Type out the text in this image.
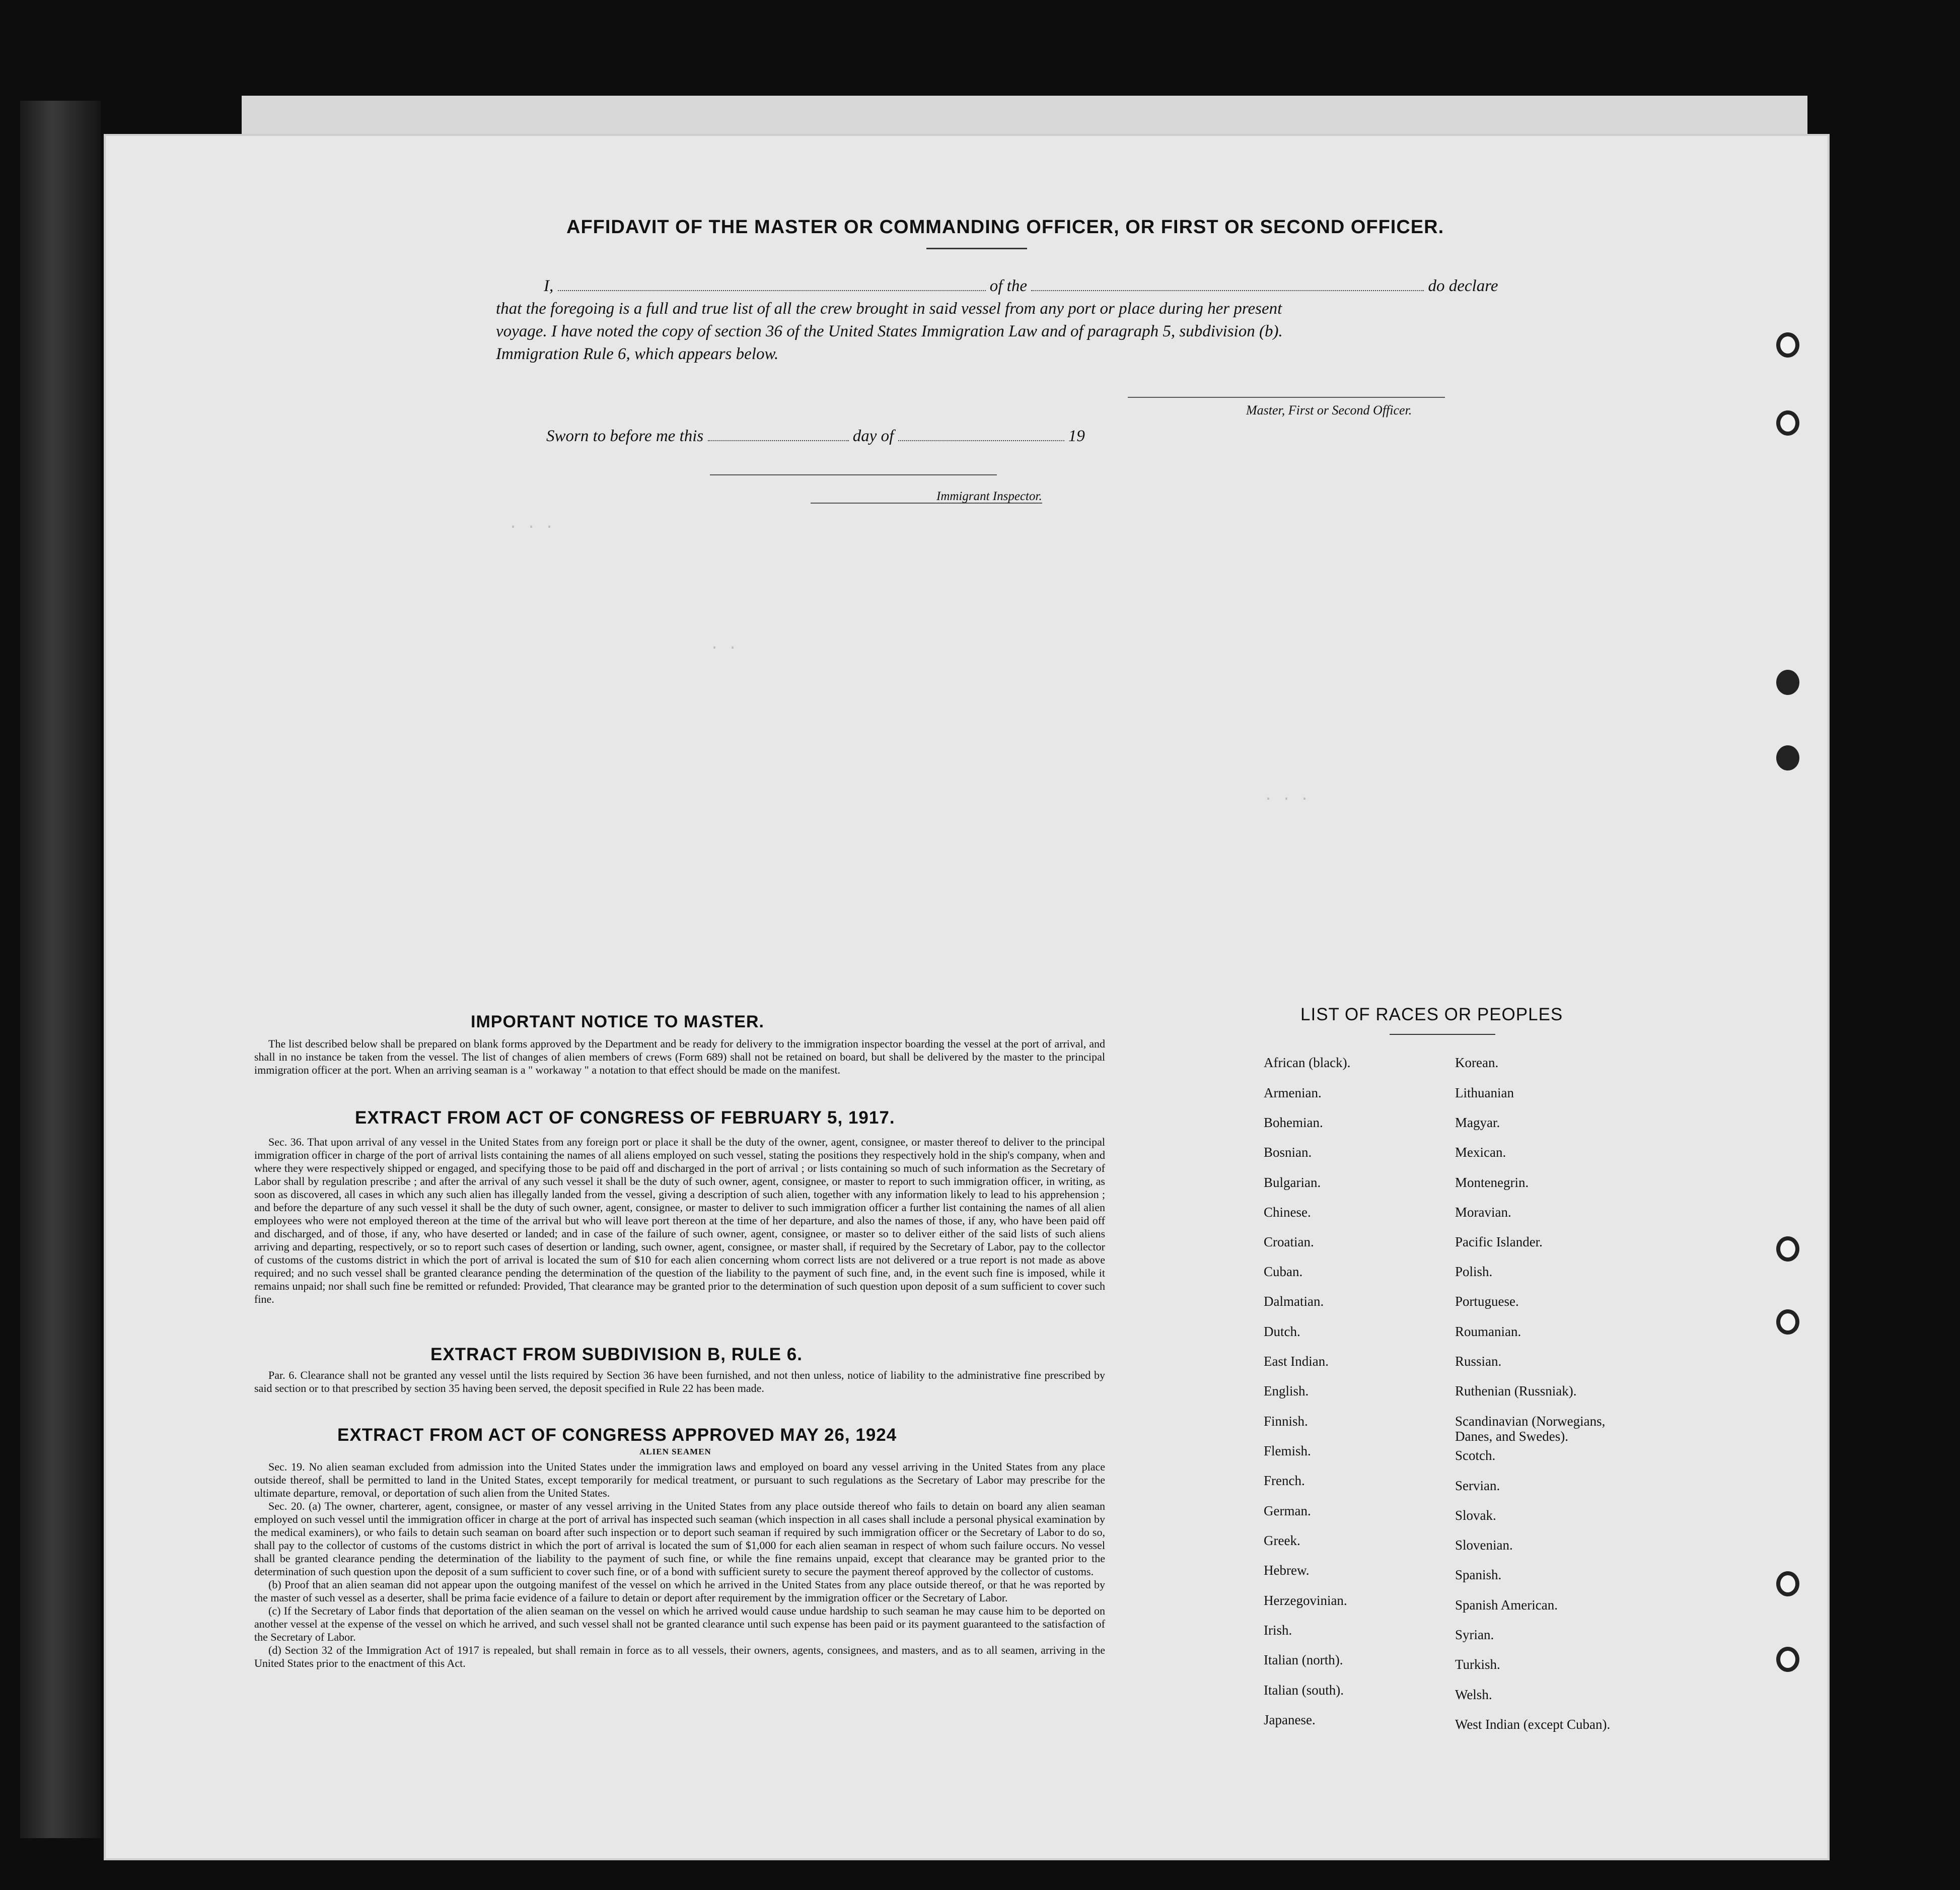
· · ·
· ·
· · ·
AFFIDAVIT OF THE MASTER OR COMMANDING OFFICER, OR FIRST OR SECOND OFFICER.
I,	of the	do declare
that the foregoing is a full and true list of all the crew brought in said vessel from any port or place during her present
voyage. I have noted the copy of section 36 of the United States Immigration Law and of paragraph 5, subdivision (b).
Immigration Rule 6, which appears below.
Master, First or Second Officer.
Sworn to before me this	day of	19
Immigrant Inspector.
IMPORTANT NOTICE TO MASTER.

The list described below shall be prepared on blank forms approved by the Department and be ready for delivery to the immigration inspector boarding the vessel at the port of arrival, and shall in no instance be taken from the vessel. The list of changes of alien members of crews (Form 689) shall not be retained on board, but shall be delivered by the master to the principal immigration officer at the port. When an arriving seaman is a " workaway " a notation to that effect should be made on the manifest.

EXTRACT FROM ACT OF CONGRESS OF FEBRUARY 5, 1917.

Sec. 36. That upon arrival of any vessel in the United States from any foreign port or place it shall be the duty of the owner, agent, consignee, or master thereof to deliver to the principal immigration officer in charge of the port of arrival lists containing the names of all aliens employed on such vessel, stating the positions they respectively hold in the ship's company, when and where they were respectively shipped or engaged, and specifying those to be paid off and discharged in the port of arrival ; or lists containing so much of such information as the Secretary of Labor shall by regulation prescribe ; and after the arrival of any such vessel it shall be the duty of such owner, agent, consignee, or master to report to such immigration officer, in writing, as soon as discovered, all cases in which any such alien has illegally landed from the vessel, giving a description of such alien, together with any information likely to lead to his apprehension ; and before the departure of any such vessel it shall be the duty of such owner, agent, consignee, or master to deliver to such immigration officer a further list containing the names of all alien employees who were not employed thereon at the time of the arrival but who will leave port thereon at the time of her departure, and also the names of those, if any, who have been paid off and discharged, and of those, if any, who have deserted or landed; and in case of the failure of such owner, agent, consignee, or master so to deliver either of the said lists of such aliens arriving and departing, respectively, or so to report such cases of desertion or landing, such owner, agent, consignee, or master shall, if required by the Secretary of Labor, pay to the collector of customs of the customs district in which the port of arrival is located the sum of $10 for each alien concerning whom correct lists are not delivered or a true report is not made as above required; and no such vessel shall be granted clearance pending the determination of the question of the liability to the payment of such fine, and, in the event such fine is imposed, while it remains unpaid; nor shall such fine be remitted or refunded: Provided, That clearance may be granted prior to the determination of such question upon deposit of a sum sufficient to cover such fine.

EXTRACT FROM SUBDIVISION B, RULE 6.

Par. 6. Clearance shall not be granted any vessel until the lists required by Section 36 have been furnished, and not then unless, notice of liability to the administrative fine prescribed by said section or to that prescribed by section 35 having been served, the deposit specified in Rule 22 has been made.

EXTRACT FROM ACT OF CONGRESS APPROVED MAY 26, 1924
ALIEN SEAMEN

Sec. 19. No alien seaman excluded from admission into the United States under the immigration laws and employed on board any vessel arriving in the United States from any place outside thereof, shall be permitted to land in the United States, except temporarily for medical treatment, or pursuant to such regulations as the Secretary of Labor may prescribe for the ultimate departure, removal, or deportation of such alien from the United States.

Sec. 20. (a) The owner, charterer, agent, consignee, or master of any vessel arriving in the United States from any place outside thereof who fails to detain on board any alien seaman employed on such vessel until the immigration officer in charge at the port of arrival has inspected such seaman (which inspection in all cases shall include a personal physical examination by the medical examiners), or who fails to detain such seaman on board after such inspection or to deport such seaman if required by such immigration officer or the Secretary of Labor to do so, shall pay to the collector of customs of the customs district in which the port of arrival is located the sum of $1,000 for each alien seaman in respect of whom such failure occurs. No vessel shall be granted clearance pending the determination of the liability to the payment of such fine, or while the fine remains unpaid, except that clearance may be granted prior to the determination of such question upon the deposit of a sum sufficient to cover such fine, or of a bond with sufficient surety to secure the payment thereof approved by the collector of customs.

(b) Proof that an alien seaman did not appear upon the outgoing manifest of the vessel on which he arrived in the United States from any place outside thereof, or that he was reported by the master of such vessel as a deserter, shall be prima facie evidence of a failure to detain or deport after requirement by the immigration officer or the Secretary of Labor.

(c) If the Secretary of Labor finds that deportation of the alien seaman on the vessel on which he arrived would cause undue hardship to such seaman he may cause him to be deported on another vessel at the expense of the vessel on which he arrived, and such vessel shall not be granted clearance until such expense has been paid or its payment guaranteed to the satisfaction of the Secretary of Labor.

(d) Section 32 of the Immigration Act of 1917 is repealed, but shall remain in force as to all vessels, their owners, agents, consignees, and masters, and as to all seamen, arriving in the United States prior to the enactment of this Act.

LIST OF RACES OR PEOPLES
African (black).
Armenian.
Bohemian.
Bosnian.
Bulgarian.
Chinese.
Croatian.
Cuban.
Dalmatian.
Dutch.
East Indian.
English.
Finnish.
Flemish.
French.
German.
Greek.
Hebrew.
Herzegovinian.
Irish.
Italian (north).
Italian (south).
Japanese.
Korean.
Lithuanian
Magyar.
Mexican.
Montenegrin.
Moravian.
Pacific Islander.
Polish.
Portuguese.
Roumanian.
Russian.
Ruthenian (Russniak).
Scandinavian (Norwegians, Danes, and Swedes).
Scotch.
Servian.
Slovak.
Slovenian.
Spanish.
Spanish American.
Syrian.
Turkish.
Welsh.
West Indian (except Cuban).
